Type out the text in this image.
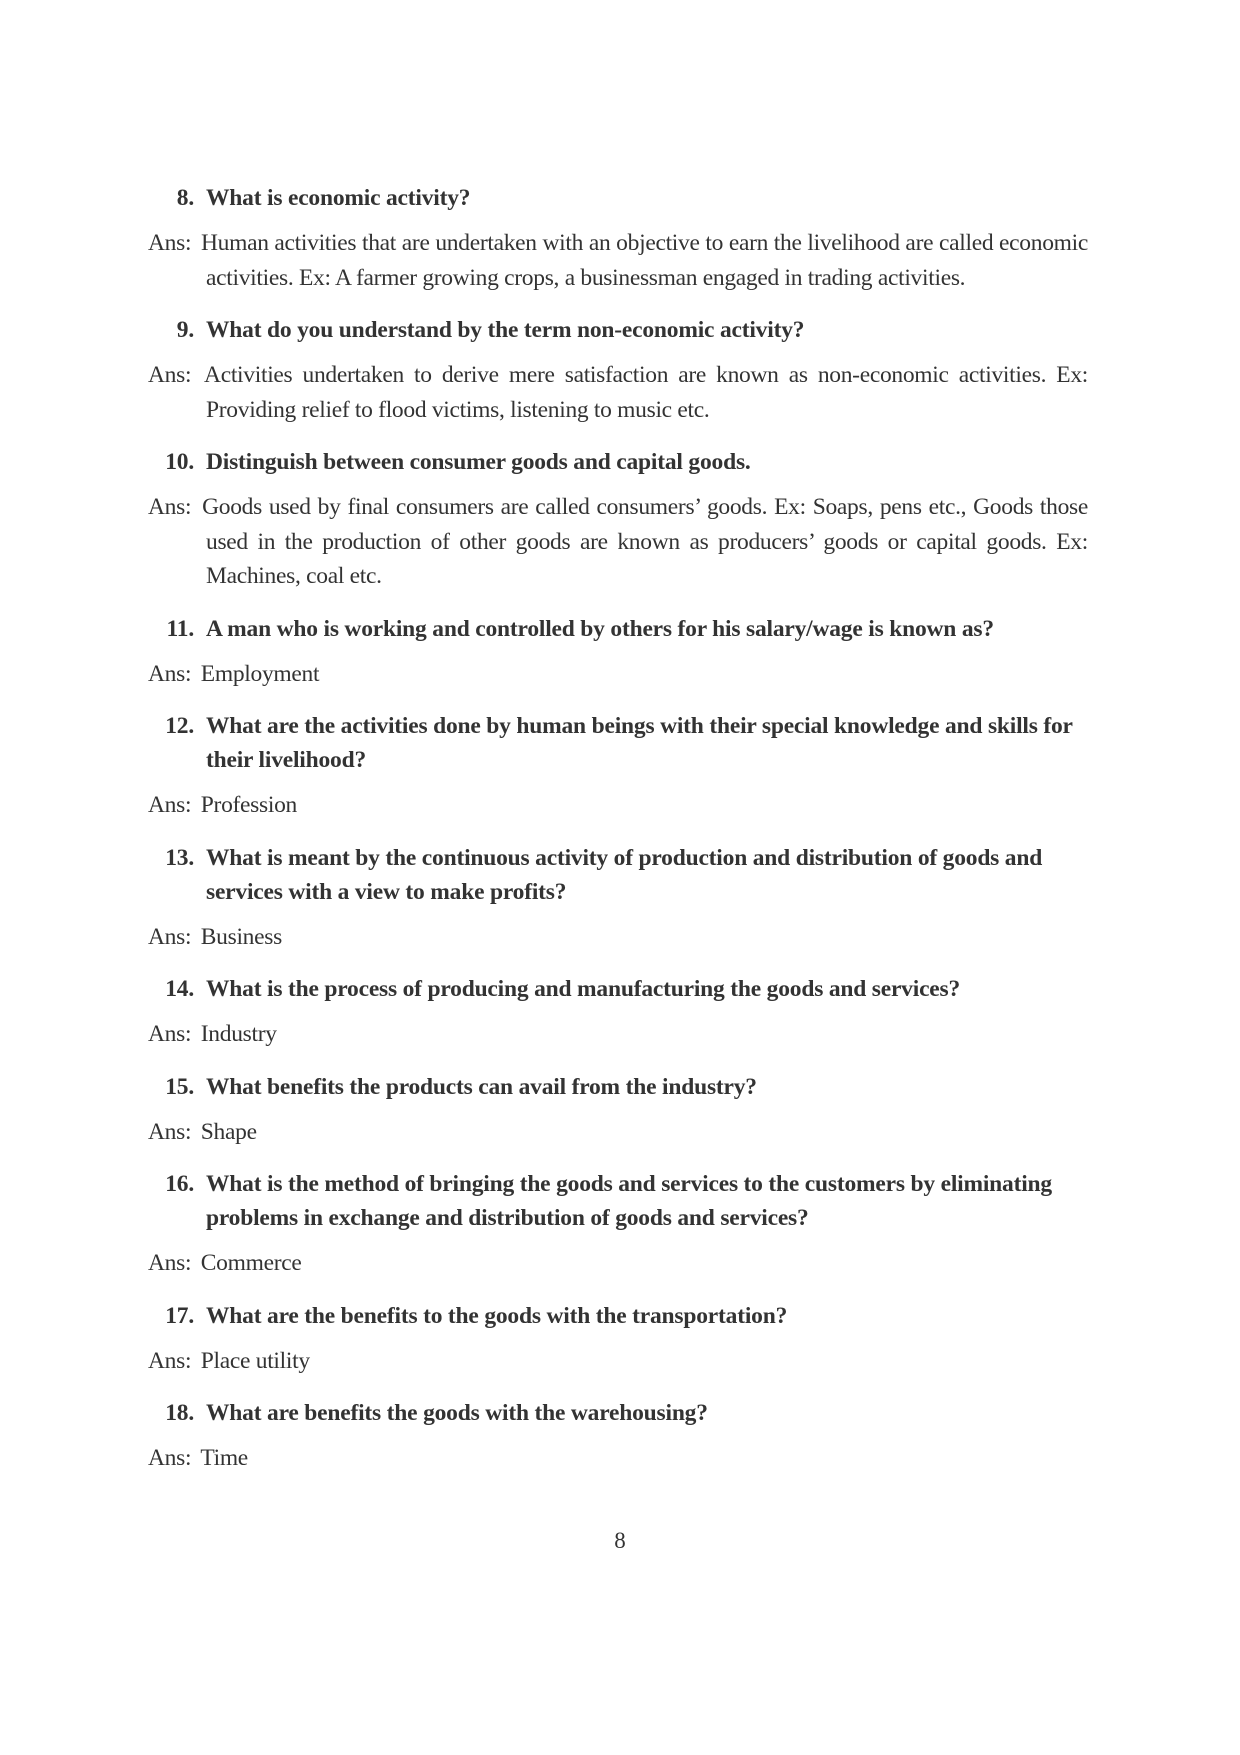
8. What is economic activity?
Ans: Human activities that are undertaken with an objective to earn the livelihood are called economic activities. Ex: A farmer growing crops, a businessman engaged in trading activities.
9. What do you understand by the term non-economic activity?
Ans: Activities undertaken to derive mere satisfaction are known as non-economic activities. Ex: Providing relief to flood victims, listening to music etc.
10. Distinguish between consumer goods and capital goods.
Ans: Goods used by final consumers are called consumers’ goods. Ex: Soaps, pens etc., Goods those used in the production of other goods are known as producers’ goods or capital goods. Ex: Machines, coal etc.
11. A man who is working and controlled by others for his salary/wage is known as?
Ans: Employment
12. What are the activities done by human beings with their special knowledge and skills for their livelihood?
Ans: Profession
13. What is meant by the continuous activity of production and distribution of goods and services with a view to make profits?
Ans: Business
14. What is the process of producing and manufacturing the goods and services?
Ans: Industry
15. What benefits the products can avail from the industry?
Ans: Shape
16. What is the method of bringing the goods and services to the customers by eliminating problems in exchange and distribution of goods and services?
Ans: Commerce
17. What are the benefits to the goods with the transportation?
Ans: Place utility
18. What are benefits the goods with the warehousing?
Ans: Time
8
